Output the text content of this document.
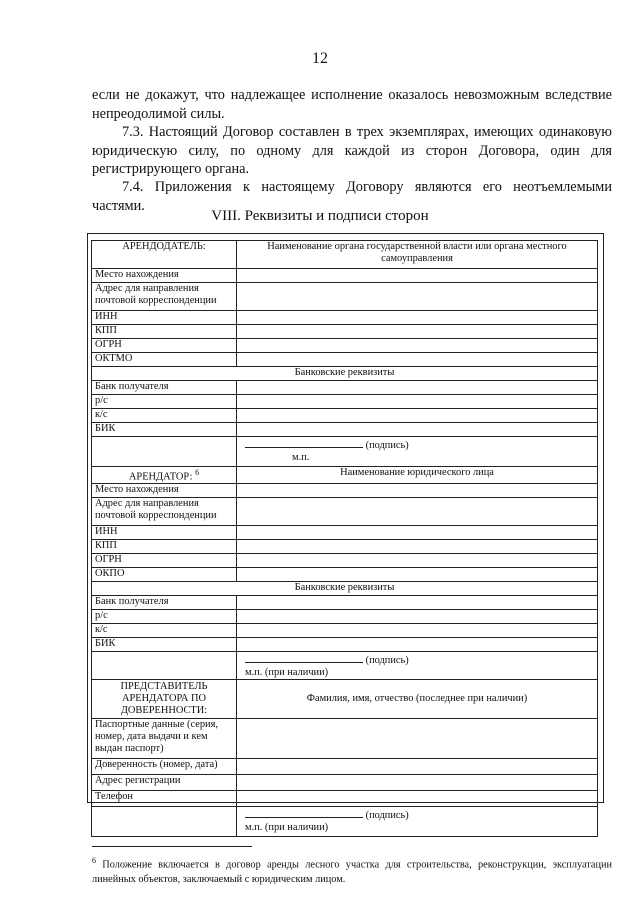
12
если не докажут, что надлежащее исполнение оказалось невозможным вследствие непреодолимой силы.
7.3. Настоящий Договор составлен в трех экземплярах, имеющих одинаковую юридическую силу, по одному для каждой из сторон Договора, один для регистрирующего органа.
7.4. Приложения к настоящему Договору являются его неотъемлемыми частями.
VIII. Реквизиты и подписи сторон
АРЕНДОДАТЕЛЬ:	Наименование органа государственной власти или органа местного самоуправления
Место нахождения	
Адрес для направления почтовой корреспонденции	
ИНН	
КПП	
ОГРН	
ОКТМО	
Банковские реквизиты	
Банк получателя	
р/с	
к/с	
БИК	

	(подпись)
м.п.

АРЕНДАТОР: $^6$	Наименование юридического лица
Место нахождения	
Адрес для направления почтовой корреспонденции	
ИНН	
КПП	
ОГРН	
ОКПО	
Банковские реквизиты	
Банк получателя	
р/с	
к/с	
БИК	

	(подпись)
м.п. (при наличии)

ПРЕДСТАВИТЕЛЬ АРЕНДАТОРА ПО ДОВЕРЕННОСТИ:	Фамилия, имя, отчество (последнее при наличии)
Паспортные данные (серия, номер, дата выдачи и кем выдан паспорт)	
Доверенность (номер, дата)	
Адрес регистрации	
Телефон	

	(подпись)
м.п. (при наличии)
$^6$ Положение включается в договор аренды лесного участка для строительства, реконструкции, эксплуатации линейных объектов, заключаемый с юридическим лицом.
